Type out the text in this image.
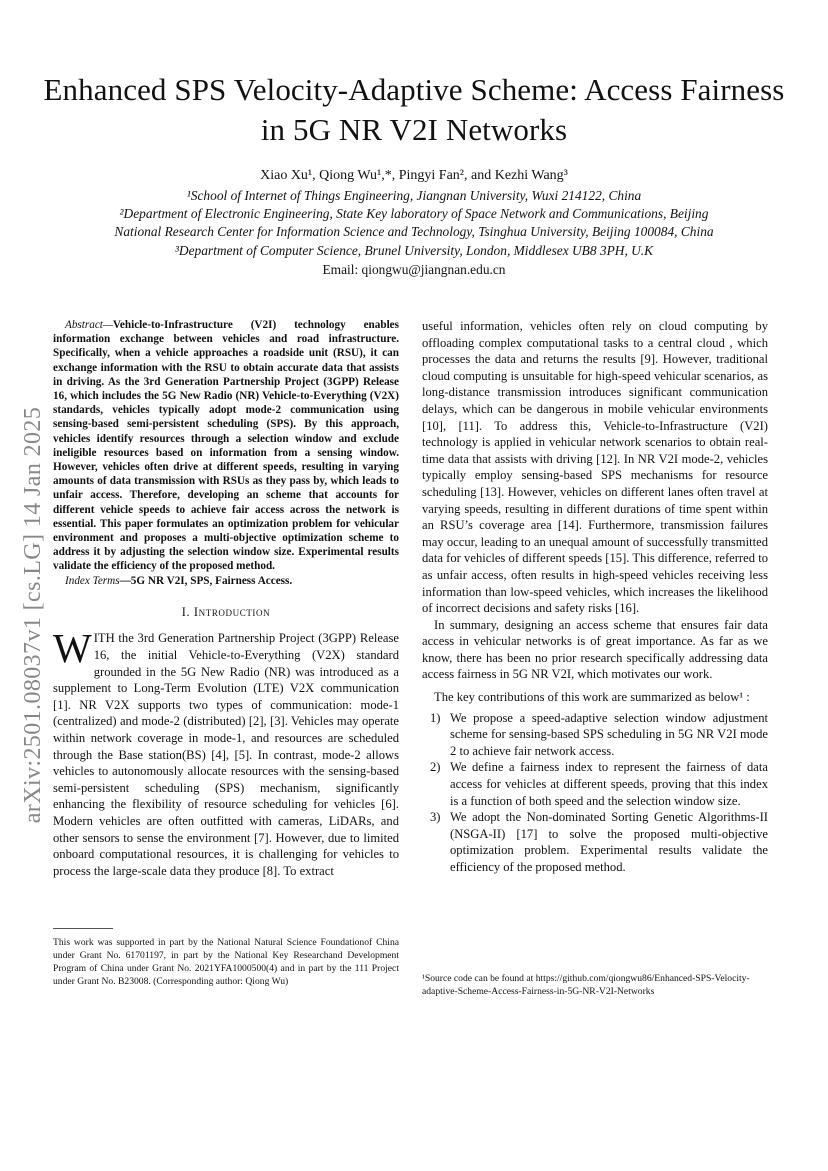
Enhanced SPS Velocity-Adaptive Scheme: Access Fairness in 5G NR V2I Networks
Xiao Xu¹, Qiong Wu¹,*, Pingyi Fan², and Kezhi Wang³
¹School of Internet of Things Engineering, Jiangnan University, Wuxi 214122, China
²Department of Electronic Engineering, State Key laboratory of Space Network and Communications, Beijing
National Research Center for Information Science and Technology, Tsinghua University, Beijing 100084, China
³Department of Computer Science, Brunel University, London, Middlesex UB8 3PH, U.K
Email: qiongwu@jiangnan.edu.cn
arXiv:2501.08037v1 [cs.LG] 14 Jan 2025

Abstract—Vehicle-to-Infrastructure (V2I) technology enables information exchange between vehicles and road infrastructure. Specifically, when a vehicle approaches a roadside unit (RSU), it can exchange information with the RSU to obtain accurate data that assists in driving. As the 3rd Generation Partnership Project (3GPP) Release 16, which includes the 5G New Radio (NR) Vehicle-to-Everything (V2X) standards, vehicles typically adopt mode-2 communication using sensing-based semi-persistent scheduling (SPS). By this approach, vehicles identify resources through a selection window and exclude ineligible resources based on information from a sensing window. However, vehicles often drive at different speeds, resulting in varying amounts of data transmission with RSUs as they pass by, which leads to unfair access. Therefore, developing an scheme that accounts for different vehicle speeds to achieve fair access across the network is essential. This paper formulates an optimization problem for vehicular environment and proposes a multi-objective optimization scheme to address it by adjusting the selection window size. Experimental results validate the efficiency of the proposed method.

Index Terms—5G NR V2I, SPS, Fairness Access.

I. Introduction

WITH the 3rd Generation Partnership Project (3GPP) Release 16, the initial Vehicle-to-Everything (V2X) standard grounded in the 5G New Radio (NR) was introduced as a supplement to Long-Term Evolution (LTE) V2X communication [1]. NR V2X supports two types of communication: mode-1 (centralized) and mode-2 (distributed) [2], [3]. Vehicles may operate within network coverage in mode-1, and resources are scheduled through the Base station(BS) [4], [5]. In contrast, mode-2 allows vehicles to autonomously allocate resources with the sensing-based semi-persistent scheduling (SPS) mechanism, significantly enhancing the flexibility of resource scheduling for vehicles [6]. Modern vehicles are often outfitted with cameras, LiDARs, and other sensors to sense the environment [7]. However, due to limited onboard computational resources, it is challenging for vehicles to process the large-scale data they produce [8]. To extract

This work was supported in part by the National Natural Science Foundationof China under Grant No. 61701197, in part by the National Key Researchand Development Program of China under Grant No. 2021YFA1000500(4) and in part by the 111 Project under Grant No. B23008. (Corresponding author: Qiong Wu)

useful information, vehicles often rely on cloud computing by offloading complex computational tasks to a central cloud , which processes the data and returns the results [9]. However, traditional cloud computing is unsuitable for high-speed vehicular scenarios, as long-distance transmission introduces significant communication delays, which can be dangerous in mobile vehicular environments [10], [11]. To address this, Vehicle-to-Infrastructure (V2I) technology is applied in vehicular network scenarios to obtain real-time data that assists with driving [12]. In NR V2I mode-2, vehicles typically employ sensing-based SPS mechanisms for resource scheduling [13]. However, vehicles on different lanes often travel at varying speeds, resulting in different durations of time spent within an RSU’s coverage area [14]. Furthermore, transmission failures may occur, leading to an unequal amount of successfully transmitted data for vehicles of different speeds [15]. This difference, referred to as unfair access, often results in high-speed vehicles receiving less information than low-speed vehicles, which increases the likelihood of incorrect decisions and safety risks [16].

In summary, designing an access scheme that ensures fair data access in vehicular networks is of great importance. As far as we know, there has been no prior research specifically addressing data access fairness in 5G NR V2I, which motivates our work.

The key contributions of this work are summarized as below¹ :

1) We propose a speed-adaptive selection window adjustment scheme for sensing-based SPS scheduling in 5G NR V2I mode 2 to achieve fair network access.
2) We define a fairness index to represent the fairness of data access for vehicles at different speeds, proving that this index is a function of both speed and the selection window size.
3) We adopt the Non-dominated Sorting Genetic Algorithms-II (NSGA-II) [17] to solve the proposed multi-objective optimization problem. Experimental results validate the efficiency of the proposed method.
¹Source code can be found at https://github.com/qiongwu86/Enhanced-SPS-Velocity-adaptive-Scheme-Access-Fairness-in-5G-NR-V2I-Networks
